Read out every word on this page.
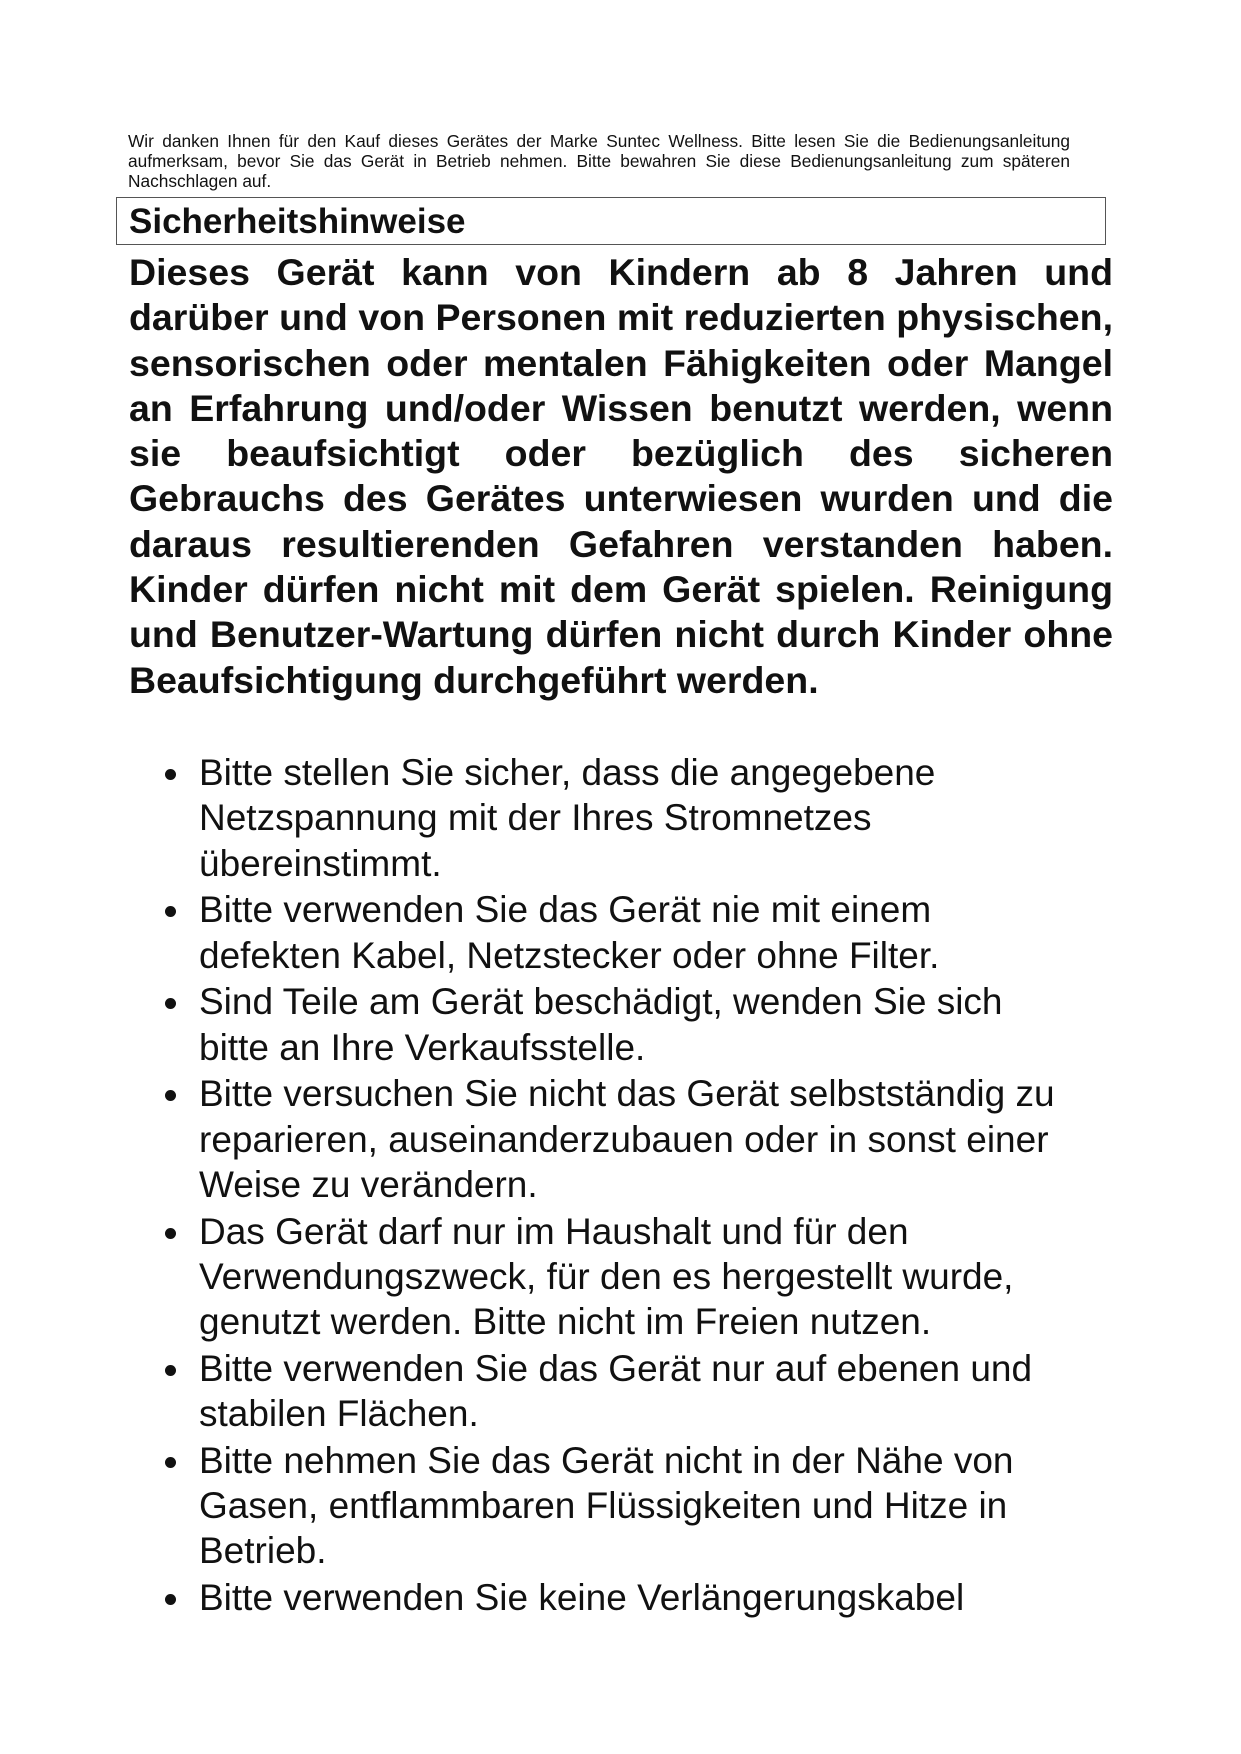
Wir danken Ihnen für den Kauf dieses Gerätes der Marke Suntec Wellness. Bitte lesen Sie die Bedienungsanleitung aufmerksam, bevor Sie das Gerät in Betrieb nehmen. Bitte bewahren Sie diese Bedienungsanleitung zum späteren Nachschlagen auf.

Sicherheitshinweise

Dieses Gerät kann von Kindern ab 8 Jahren und darüber und von Personen mit reduzierten physischen, sensorischen oder mentalen Fähigkeiten oder Mangel an Erfahrung und/oder Wissen benutzt werden, wenn sie beaufsichtigt oder bezüglich des sicheren Gebrauchs des Gerätes unterwiesen wurden und die daraus resultierenden Gefahren verstanden haben. Kinder dürfen nicht mit dem Gerät spielen. Reinigung und Benutzer-Wartung dürfen nicht durch Kinder ohne Beaufsichtigung durchgeführt werden.

Bitte stellen Sie sicher, dass die angegebene Netzspannung mit der Ihres Stromnetzes übereinstimmt.
Bitte verwenden Sie das Gerät nie mit einem defekten Kabel, Netzstecker oder ohne Filter.
Sind Teile am Gerät beschädigt, wenden Sie sich bitte an Ihre Verkaufsstelle.
Bitte versuchen Sie nicht das Gerät selbstständig zu reparieren, auseinanderzubauen oder in sonst einer Weise zu verändern.
Das Gerät darf nur im Haushalt und für den Verwendungszweck, für den es hergestellt wurde, genutzt werden. Bitte nicht im Freien nutzen.
Bitte verwenden Sie das Gerät nur auf ebenen und stabilen Flächen.
Bitte nehmen Sie das Gerät nicht in der Nähe von Gasen, entflammbaren Flüssigkeiten und Hitze in Betrieb.
Bitte verwenden Sie keine Verlängerungskabel
